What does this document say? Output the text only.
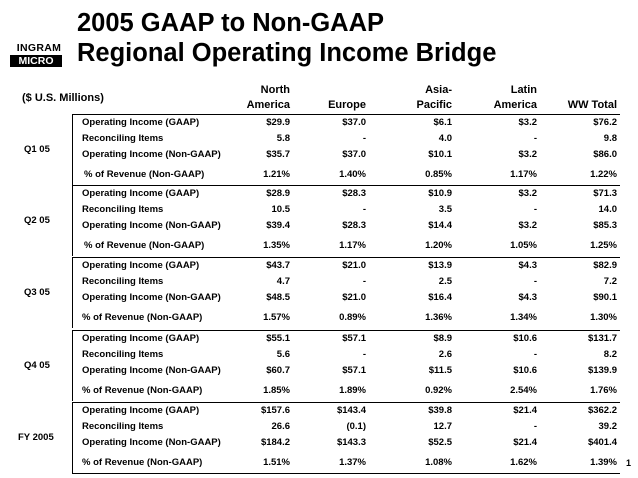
INGRAM
MICRO
2005 GAAP to Non-GAAP
Regional Operating Income Bridge
($ U.S. Millions)
North
America
	Europe
Asia-
Pacific
Latin
America
	WW Total
Q1 05
Operating Income (GAAP)	$29.9	$37.0	$6.1	$3.2	$76.2
Reconciling Items	5.8	-	4.0	-	9.8
Operating Income (Non-GAAP)	$35.7	$37.0	$10.1	$3.2	$86.0
% of Revenue (Non-GAAP)	1.21%	1.40%	0.85%	1.17%	1.22%
Q2 05
Operating Income (GAAP)	$28.9	$28.3	$10.9	$3.2	$71.3
Reconciling Items	10.5	-	3.5	-	14.0
Operating Income (Non-GAAP)	$39.4	$28.3	$14.4	$3.2	$85.3
% of Revenue (Non-GAAP)	1.35%	1.17%	1.20%	1.05%	1.25%
Q3 05
Operating Income (GAAP)	$43.7	$21.0	$13.9	$4.3	$82.9
Reconciling Items	4.7	-	2.5	-	7.2
Operating Income (Non-GAAP)	$48.5	$21.0	$16.4	$4.3	$90.1
% of Revenue (Non-GAAP)	1.57%	0.89%	1.36%	1.34%	1.30%
Q4 05
Operating Income (GAAP)	$55.1	$57.1	$8.9	$10.6	$131.7
Reconciling Items	5.6	-	2.6	-	8.2
Operating Income (Non-GAAP)	$60.7	$57.1	$11.5	$10.6	$139.9
% of Revenue (Non-GAAP)	1.85%	1.89%	0.92%	2.54%	1.76%
FY 2005
Operating Income (GAAP)	$157.6	$143.4	$39.8	$21.4	$362.2
Reconciling Items	26.6	(0.1)	12.7	-	39.2
Operating Income (Non-GAAP)	$184.2	$143.3	$52.5	$21.4	$401.4
% of Revenue (Non-GAAP)	1.51%	1.37%	1.08%	1.62%	1.39% 1
